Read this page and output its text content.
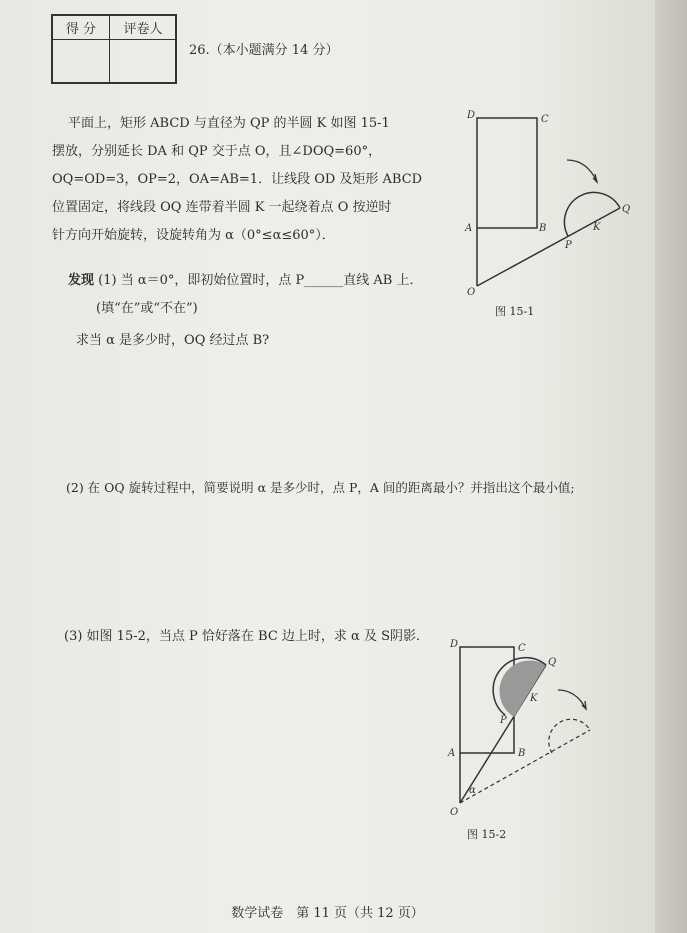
得 分	评卷人
26.（本小题满分 14 分）
平面上，矩形 ABCD 与直径为 QP 的半圆 K 如图 15-1
摆放，分别延长 DA 和 QP 交于点 O，且∠DOQ=60°，
OQ=OD=3，OP=2，OA=AB=1．让线段 OD 及矩形 ABCD
位置固定，将线段 OQ 连带着半圆 K 一起绕着点 O 按逆时
针方向开始旋转，设旋转角为 α（0°≤α≤60°）．
发现 (1) 当 α＝0°，即初始位置时，点 P______直线 AB 上．
(填“在”或“不在”)
求当 α 是多少时，OQ 经过点 B?
(2) 在 OQ 旋转过程中，简要说明 α 是多少时，点 P，A 间的距离最小？并指出这个最小值;
(3) 如图 15-2，当点 P 恰好落在 BC 边上时，求 α 及 S阴影．
D	C
A	B
O
P
K
Q
图 15-1
D	C
A	B
O
P
K
Q
α
图 15-2
数学试卷　第 11 页（共 12 页）
